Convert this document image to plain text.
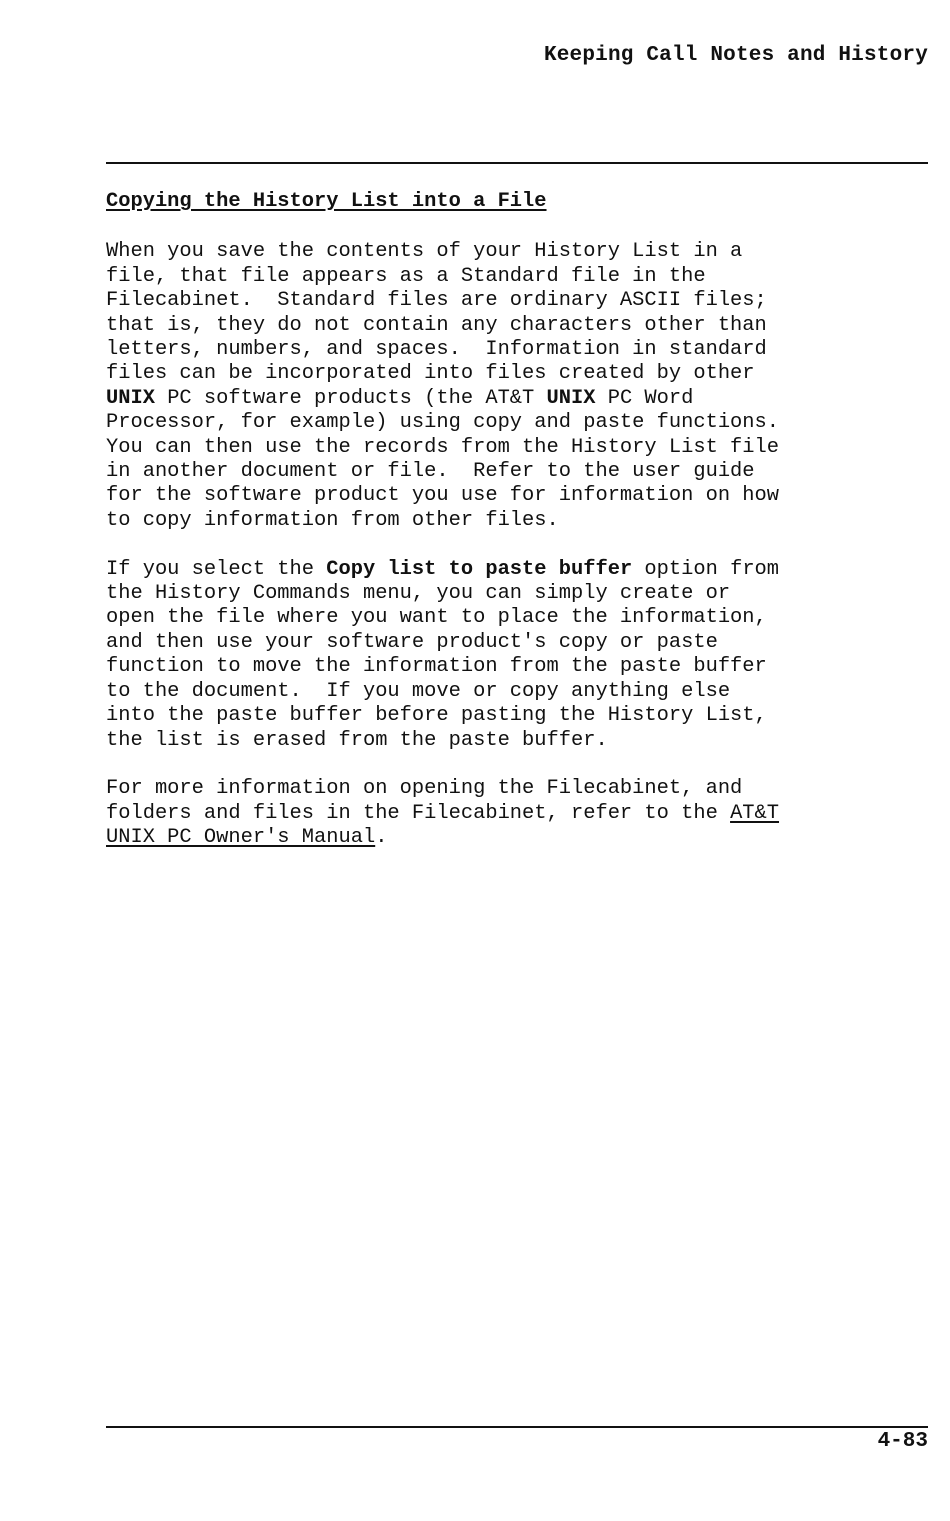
Keeping Call Notes and History
Copying the History List into a File
When you save the contents of your History List in a
file, that file appears as a Standard file in the
Filecabinet.  Standard files are ordinary ASCII files;
that is, they do not contain any characters other than
letters, numbers, and spaces.  Information in standard
files can be incorporated into files created by other
UNIX PC software products (the AT&T UNIX PC Word
Processor, for example) using copy and paste functions.
You can then use the records from the History List file
in another document or file.  Refer to the user guide
for the software product you use for information on how
to copy information from other files.
If you select the Copy list to paste buffer option from
the History Commands menu, you can simply create or
open the file where you want to place the information,
and then use your software product's copy or paste
function to move the information from the paste buffer
to the document.  If you move or copy anything else
into the paste buffer before pasting the History List,
the list is erased from the paste buffer.
For more information on opening the Filecabinet, and
folders and files in the Filecabinet, refer to the AT&T
UNIX PC Owner's Manual.
4-83
